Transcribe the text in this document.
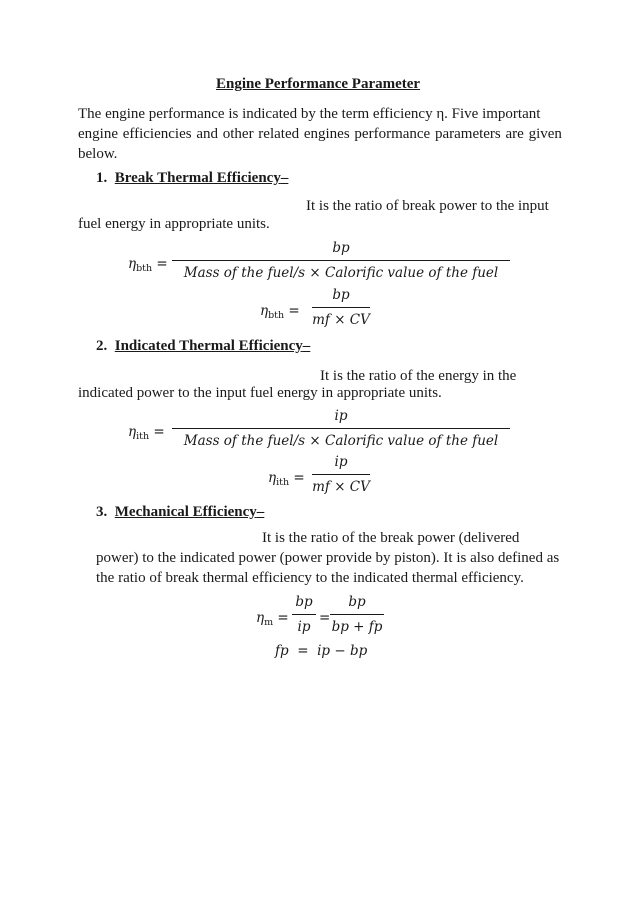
Engine Performance Parameter
The engine performance is indicated by the term efficiency η. Five important
engine efficiencies and other related engines performance parameters are given
below.
1. Break Thermal Efficiency–
It is the ratio of break power to the input
fuel energy in appropriate units.
$\eta_{bth}$ =
bp
Mass of the fuel/s × Calorific value of the fuel
$\eta_{bth}$ =
bp
mf × CV
2. Indicated Thermal Efficiency–
It is the ratio of the energy in the
indicated power to the input fuel energy in appropriate units.
$\eta_{ith}$ =
ip
Mass of the fuel/s × Calorific value of the fuel
$\eta_{ith}$ =
ip
mf × CV
3. Mechanical Efficiency–
It is the ratio of the break power (delivered
power) to the indicated power (power provide by piston). It is also defined as
the ratio of break thermal efficiency to the indicated thermal efficiency.
$\eta_m$ =
bp
ip
=
bp
bp + fp
fp  =  ip − bp
